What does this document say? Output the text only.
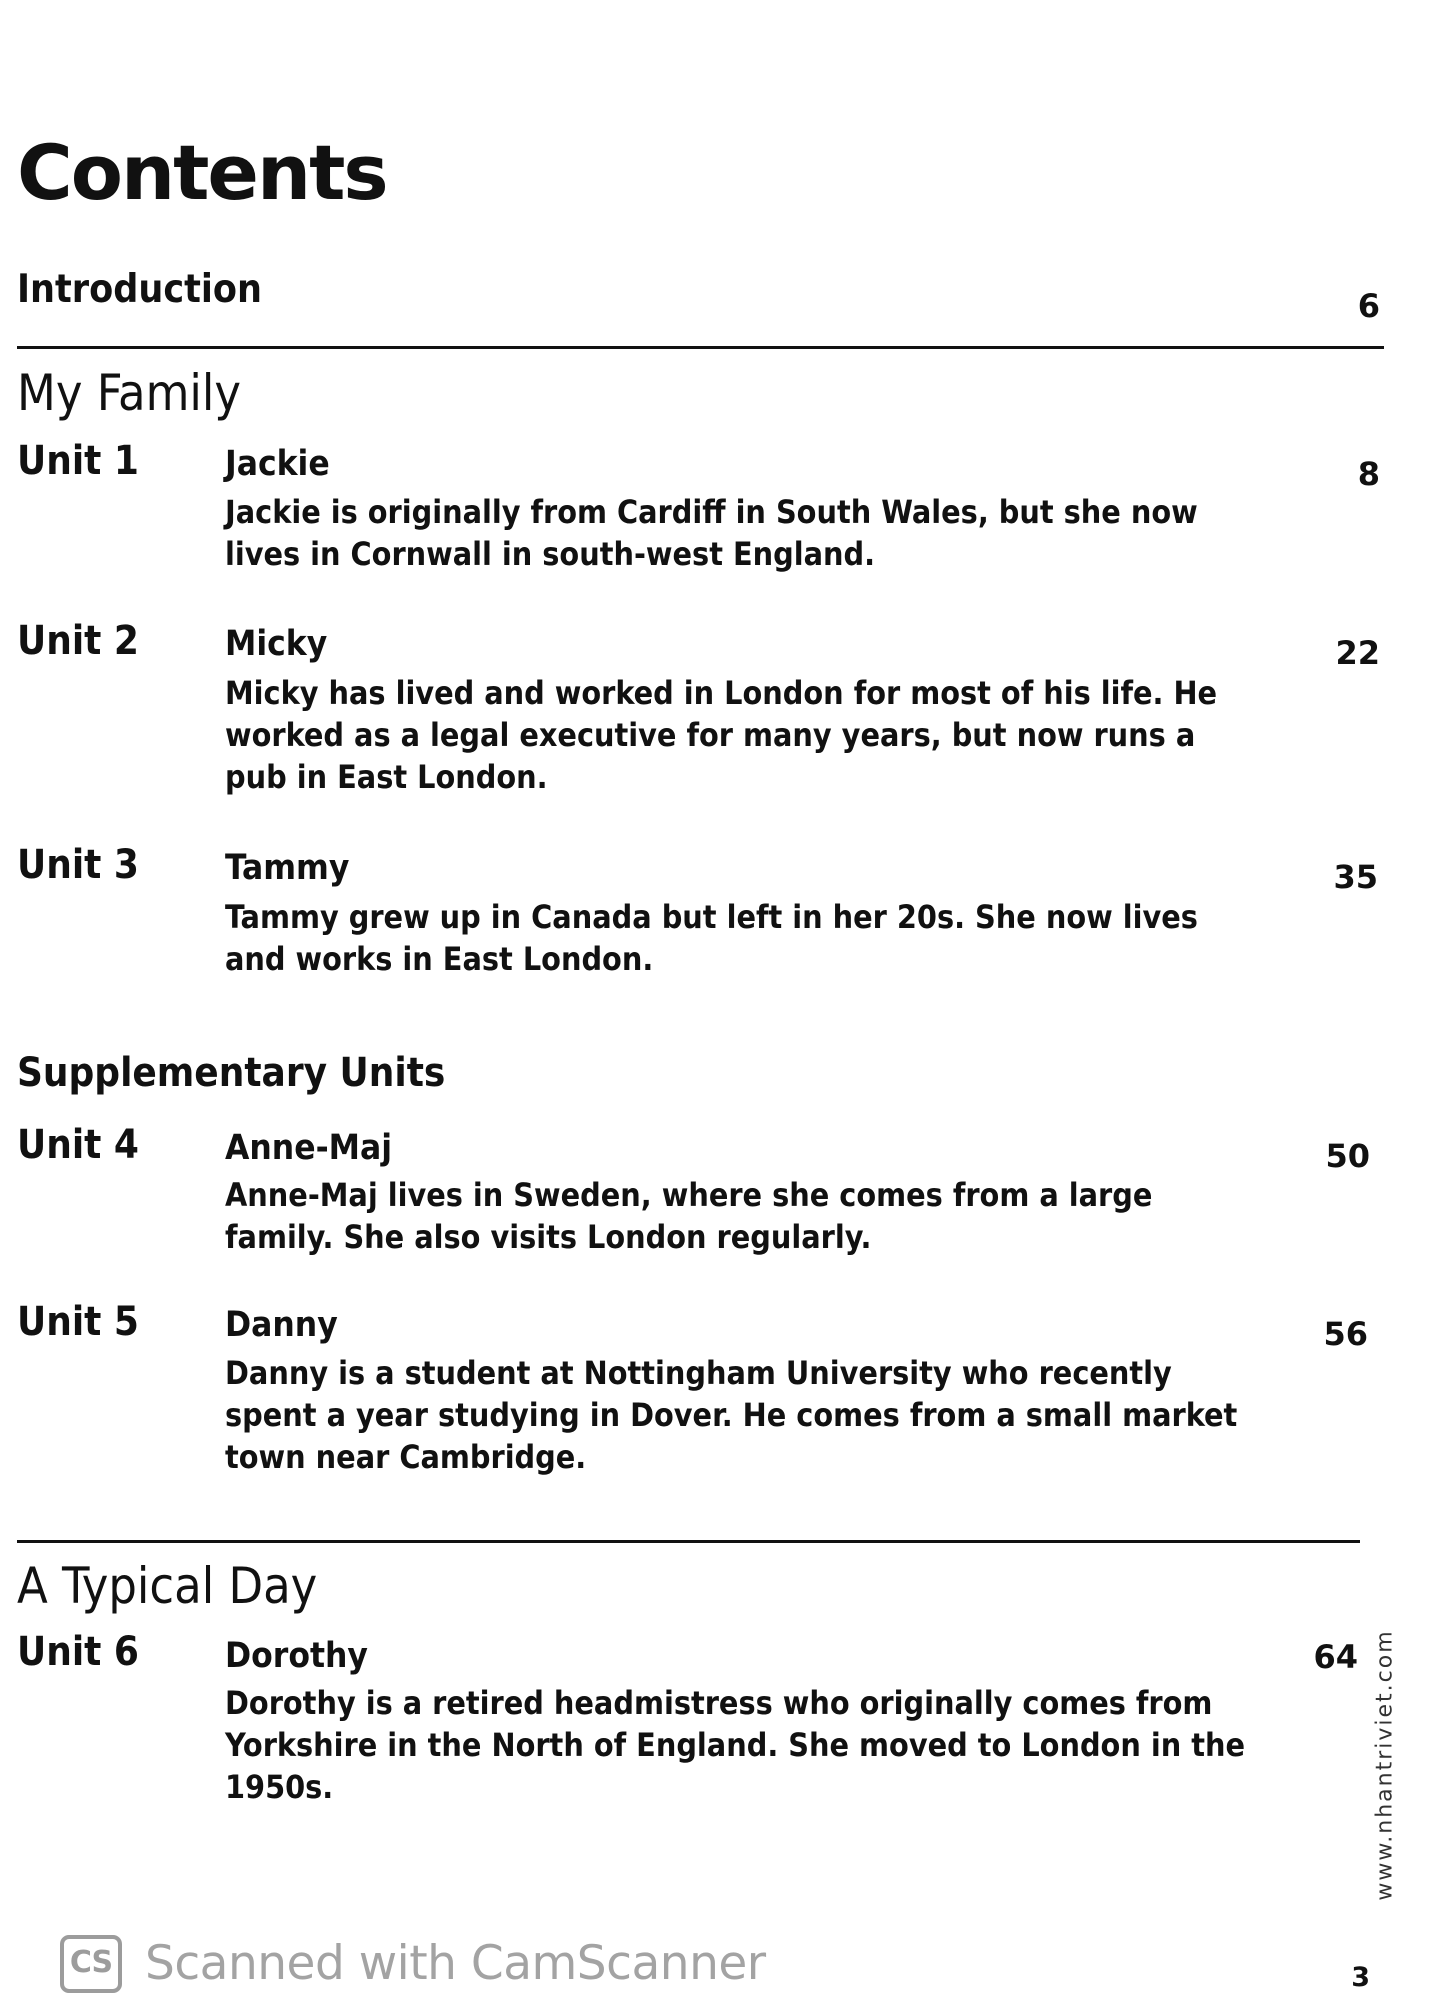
Contents
Introduction	6
My Family
Unit 1 Jackie	8

Jackie is originally from Cardiff in South Wales, but she now lives in Cornwall in south-west England.

Unit 2 Micky	22

Micky has lived and worked in London for most of his life. He worked as a legal executive for many years, but now runs a pub in East London.

Unit 3 Tammy	35

Tammy grew up in Canada but left in her 20s. She now lives and works in East London.

Supplementary Units
Unit 4 Anne-Maj	50

Anne-Maj lives in Sweden, where she comes from a large family. She also visits London regularly.

Unit 5 Danny	56

Danny is a student at Nottingham University who recently spent a year studying in Dover. He comes from a small market town near Cambridge.

A Typical Day
Unit 6 Dorothy	64

Dorothy is a retired headmistress who originally comes from Yorkshire in the North of England. She moved to London in the 1950s.	www.nhantriviet.com
CS Scanned with CamScanner	3
